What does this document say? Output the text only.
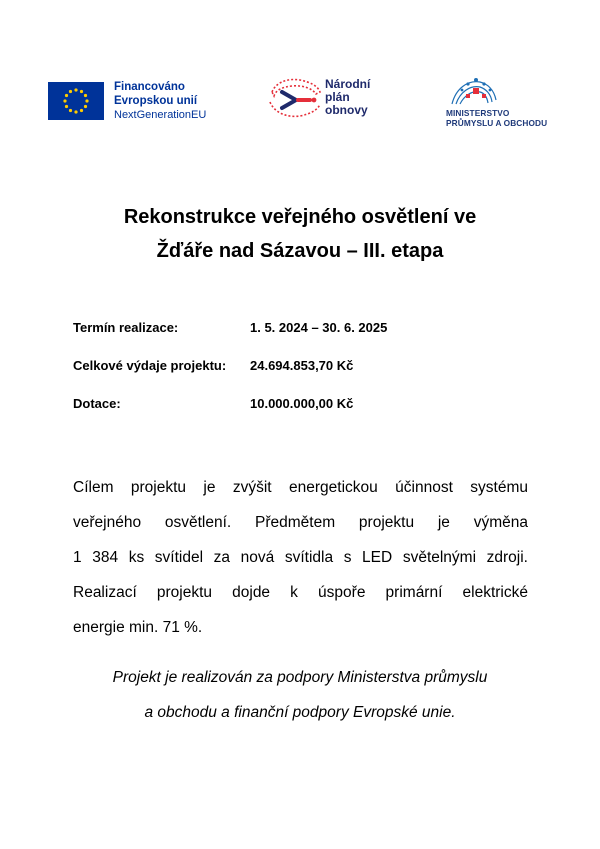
Financováno
Evropskou unií
NextGenerationEU
Národní
plán
obnovy	MINISTERSTVO
PRŮMYSLU A OBCHODU
Rekonstrukce veřejného osvětlení ve
Žďáře nad Sázavou – III. etapa
Termín realizace:	1. 5. 2024 – 30. 6. 2025
Celkové výdaje projektu: 24.694.853,70 Kč
Dotace:	10.000.000,00 Kč
Cílem projektu je zvýšit energetickou účinnost systému
veřejného osvětlení. Předmětem projektu je výměna
1 384 ks svítidel za nová svítidla s LED světelnými zdroji.
Realizací projektu dojde k úspoře primární elektrické
energie min. 71 %.
Projekt je realizován za podpory Ministerstva průmyslu
a obchodu a finanční podpory Evropské unie.
